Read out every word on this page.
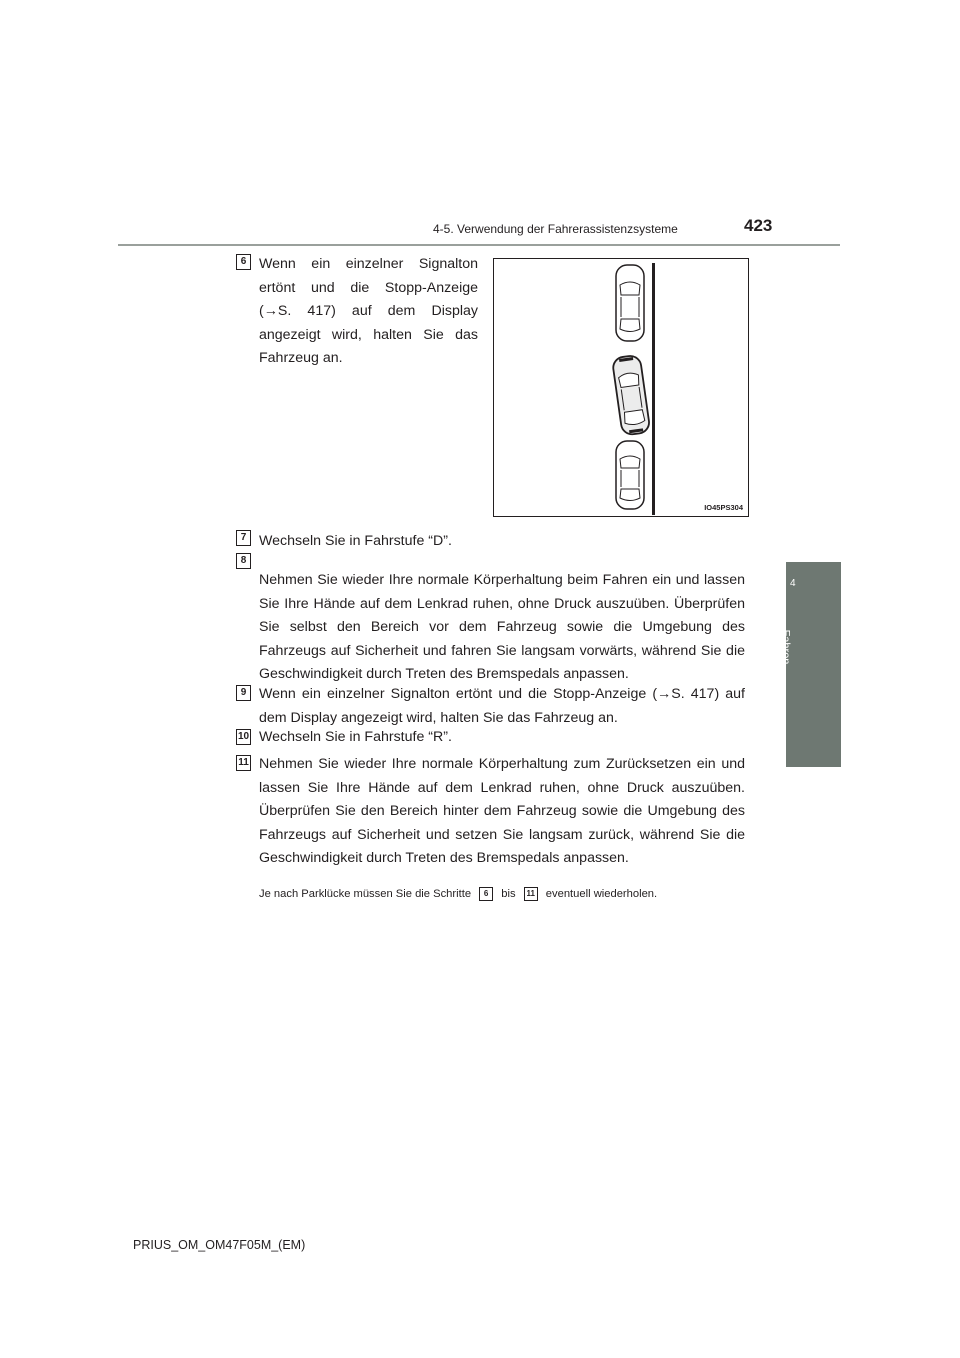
4-5. Verwendung der Fahrerassistenzsysteme	423
4
Fahren
6 Wenn ein einzelner Signalton ertönt und die Stopp-Anzeige (→S. 417) auf dem Display angezeigt wird, halten Sie das Fahrzeug an.
IO45PS304
7 Wechseln Sie in Fahrstufe “D”.
8
Nehmen Sie wieder Ihre normale Körperhaltung beim Fahren ein und lassen Sie Ihre Hände auf dem Lenkrad ruhen, ohne Druck auszuüben. Überprüfen Sie selbst den Bereich vor dem Fahrzeug sowie die Umgebung des Fahrzeugs auf Sicherheit und fahren Sie langsam vorwärts, während Sie die Geschwindigkeit durch Treten des Bremspedals anpassen.
9 Wenn ein einzelner Signalton ertönt und die Stopp-Anzeige (→S. 417) auf dem Display angezeigt wird, halten Sie das Fahrzeug an.
10 Wechseln Sie in Fahrstufe “R”.
11 Nehmen Sie wieder Ihre normale Körperhaltung zum Zurücksetzen ein und lassen Sie Ihre Hände auf dem Lenkrad ruhen, ohne Druck auszuüben. Überprüfen Sie den Bereich hinter dem Fahrzeug sowie die Umgebung des Fahrzeugs auf Sicherheit und setzen Sie langsam zurück, während Sie die Geschwindigkeit durch Treten des Bremspedals anpassen.
Je nach Parklücke müssen Sie die Schritte 6 bis 11 eventuell wiederholen.
PRIUS_OM_OM47F05M_(EM)
